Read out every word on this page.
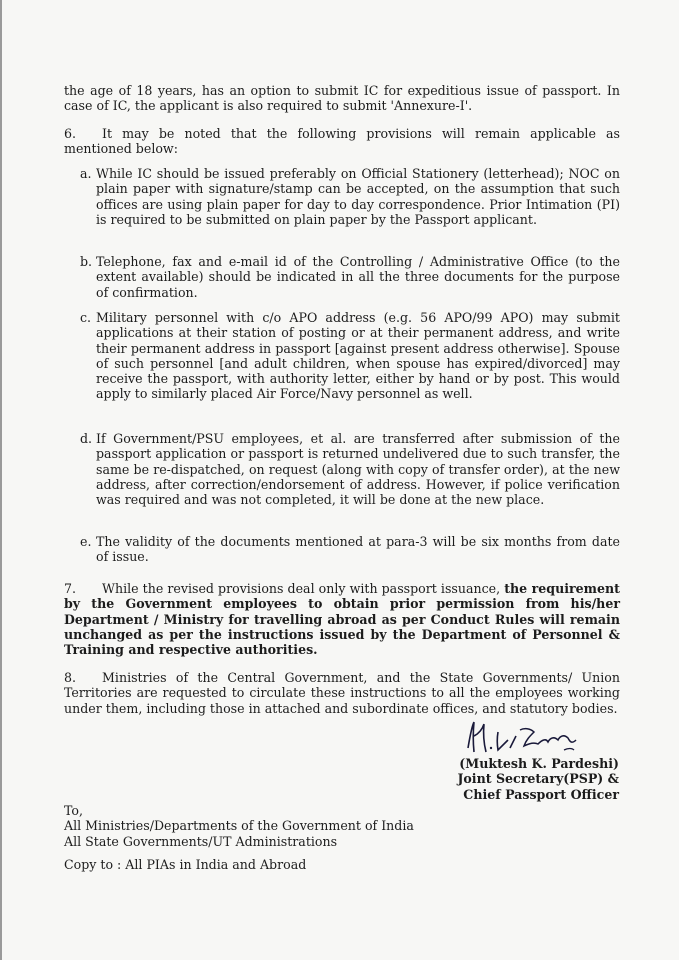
the age of 18 years, has an option to submit IC for expeditious issue of passport. In case of IC, the applicant is also required to submit 'Annexure-I'.
6. It may be noted that the following provisions will remain applicable as mentioned below:
a. While IC should be issued preferably on Official Stationery (letterhead); NOC on plain paper with signature/stamp can be accepted, on the assumption that such offices are using plain paper for day to day correspondence. Prior Intimation (PI) is required to be submitted on plain paper by the Passport applicant.
b. Telephone, fax and e-mail id of the Controlling / Administrative Office (to the extent available) should be indicated in all the three documents for the purpose of confirmation.
c. Military personnel with c/o APO address (e.g. 56 APO/99 APO) may submit applications at their station of posting or at their permanent address, and write their permanent address in passport [against present address otherwise]. Spouse of such personnel [and adult children, when spouse has expired/divorced] may receive the passport, with authority letter, either by hand or by post. This would apply to similarly placed Air Force/Navy personnel as well.
d. If Government/PSU employees, et al. are transferred after submission of the passport application or passport is returned undelivered due to such transfer, the same be re-dispatched, on request (along with copy of transfer order), at the new address, after correction/endorsement of address. However, if police verification was required and was not completed, it will be done at the new place.
e. The validity of the documents mentioned at para-3 will be six months from date of issue.
7. While the revised provisions deal only with passport issuance, the requirement by the Government employees to obtain prior permission from his/her Department / Ministry for travelling abroad as per Conduct Rules will remain unchanged as per the instructions issued by the Department of Personnel & Training and respective authorities.
8. Ministries of the Central Government, and the State Governments/ Union Territories are requested to circulate these instructions to all the employees working under them, including those in attached and subordinate offices, and statutory bodies.
(Muktesh K. Pardeshi)
Joint Secretary(PSP) &
Chief Passport Officer
To,
All Ministries/Departments of the Government of India
All State Governments/UT Administrations
Copy to : All PIAs in India and Abroad
